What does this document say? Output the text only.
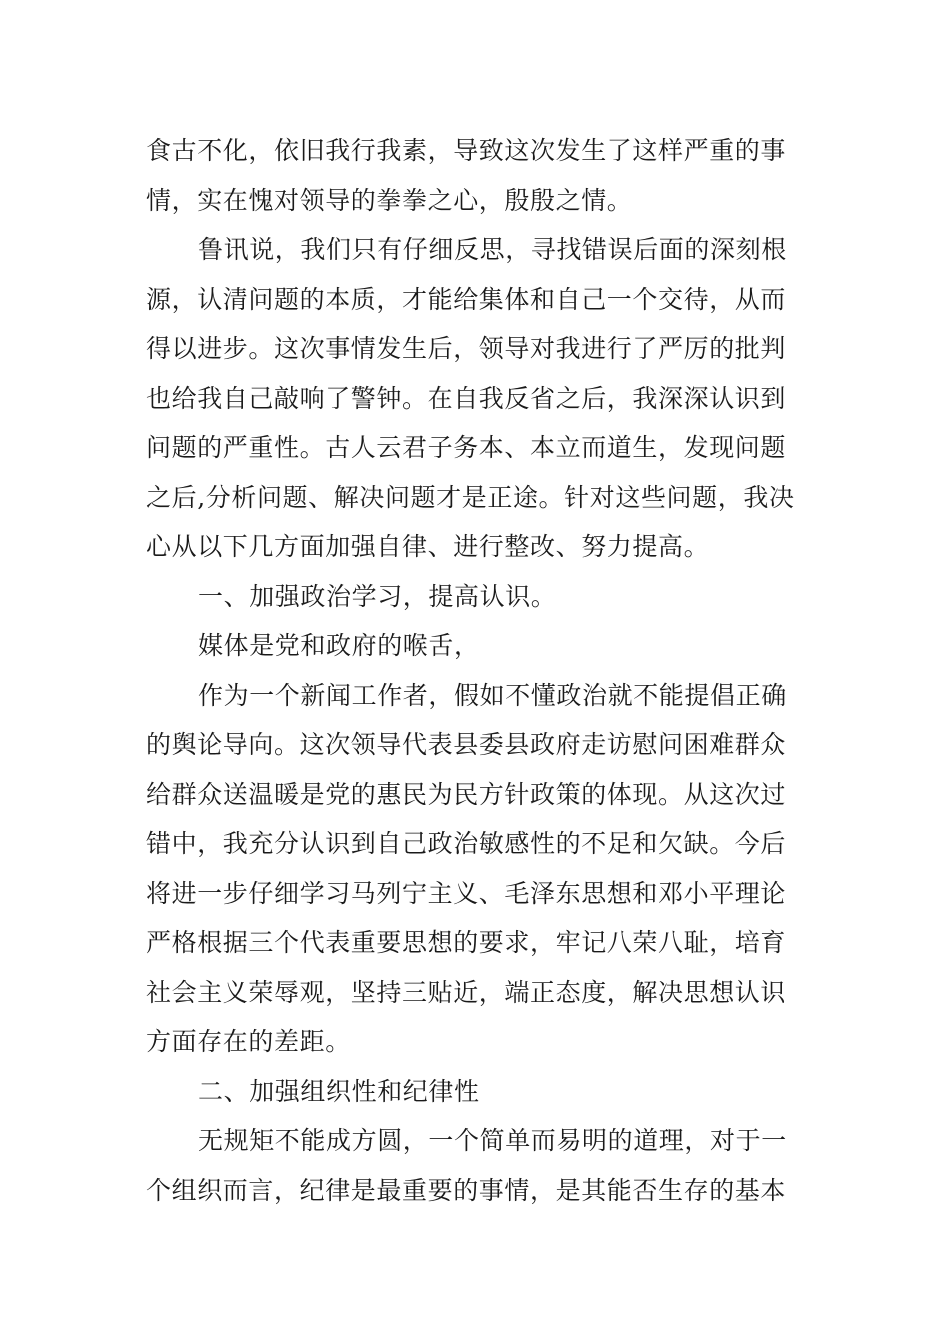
食古不化，依旧我行我素，导致这次发生了这样严重的事
情，实在愧对领导的拳拳之心，殷殷之情。
鲁讯说，我们只有仔细反思，寻找错误后面的深刻根
源，认清问题的本质，才能给集体和自己一个交待，从而
得以进步。这次事情发生后，领导对我进行了严厉的批判
也给我自己敲响了警钟。在自我反省之后，我深深认识到
问题的严重性。古人云君子务本、本立而道生，发现问题
之后,分析问题、解决问题才是正途。针对这些问题，我决
心从以下几方面加强自律、进行整改、努力提高。
一、加强政治学习，提高认识。
媒体是党和政府的喉舌，
作为一个新闻工作者，假如不懂政治就不能提倡正确
的舆论导向。这次领导代表县委县政府走访慰问困难群众
给群众送温暖是党的惠民为民方针政策的体现。从这次过
错中，我充分认识到自己政治敏感性的不足和欠缺。今后
将进一步仔细学习马列宁主义、毛泽东思想和邓小平理论
严格根据三个代表重要思想的要求，牢记八荣八耻，培育
社会主义荣辱观，坚持三贴近，端正态度，解决思想认识
方面存在的差距。
二、加强组织性和纪律性
无规矩不能成方圆，一个简单而易明的道理，对于一
个组织而言，纪律是最重要的事情，是其能否生存的基本
